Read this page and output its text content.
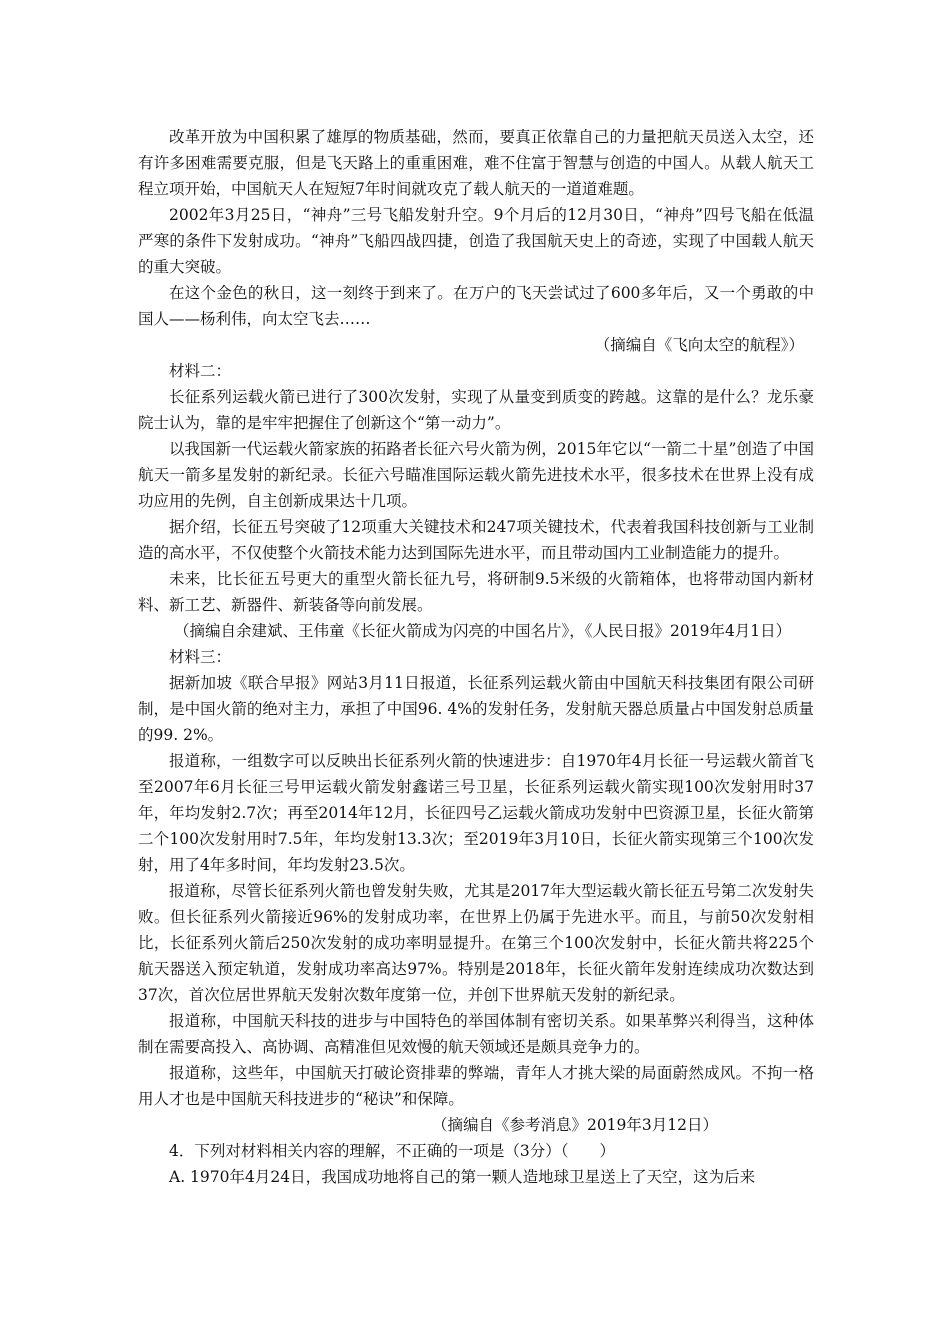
改革开放为中国积累了雄厚的物质基础，然而，要真正依靠自己的力量把航天员送入太空，还有许多困难需要克服，但是飞天路上的重重困难，难不住富于智慧与创造的中国人。从载人航天工程立项开始，中国航天人在短短7年时间就攻克了载人航天的一道道难题。

2002年3月25日，“神舟”三号飞船发射升空。9个月后的12月30日，“神舟”四号飞船在低温严寒的条件下发射成功。“神舟”飞船四战四捷，创造了我国航天史上的奇迹，实现了中国载人航天的重大突破。

在这个金色的秋日，这一刻终于到来了。在万户的飞天尝试过了600多年后，又一个勇敢的中国人——杨利伟，向太空飞去……

（摘编自《飞向太空的航程》）

材料二：

长征系列运载火箭已进行了300次发射，实现了从量变到质变的跨越。这靠的是什么？龙乐豪院士认为，靠的是牢牢把握住了创新这个“第一动力”。

以我国新一代运载火箭家族的拓路者长征六号火箭为例，2015年它以“一箭二十星”创造了中国航天一箭多星发射的新纪录。长征六号瞄准国际运载火箭先进技术水平，很多技术在世界上没有成功应用的先例，自主创新成果达十几项。

据介绍，长征五号突破了12项重大关键技术和247项关键技术，代表着我国科技创新与工业制造的高水平，不仅使整个火箭技术能力达到国际先进水平，而且带动国内工业制造能力的提升。

未来，比长征五号更大的重型火箭长征九号，将研制9.5米级的火箭箱体，也将带动国内新材料、新工艺、新器件、新装备等向前发展。

（摘编自余建斌、王伟童《长征火箭成为闪亮的中国名片》，《人民日报》2019年4月1日）

材料三：

据新加坡《联合早报》网站3月11日报道，长征系列运载火箭由中国航天科技集团有限公司研制，是中国火箭的绝对主力，承担了中国96. 4%的发射任务，发射航天器总质量占中国发射总质量的99. 2%。

报道称，一组数字可以反映出长征系列火箭的快速进步：自1970年4月长征一号运载火箭首飞至2007年6月长征三号甲运载火箭发射鑫诺三号卫星，长征系列运载火箭实现100次发射用时37年，年均发射2.7次；再至2014年12月，长征四号乙运载火箭成功发射中巴资源卫星，长征火箭第二个100次发射用时7.5年，年均发射13.3次；至2019年3月10日，长征火箭实现第三个100次发射，用了4年多时间，年均发射23.5次。

报道称，尽管长征系列火箭也曾发射失败，尤其是2017年大型运载火箭长征五号第二次发射失败。但长征系列火箭接近96%的发射成功率，在世界上仍属于先进水平。而且，与前50次发射相比，长征系列火箭后250次发射的成功率明显提升。在第三个100次发射中，长征火箭共将225个航天器送入预定轨道，发射成功率高达97%。特别是2018年，长征火箭年发射连续成功次数达到37次，首次位居世界航天发射次数年度第一位，并创下世界航天发射的新纪录。

报道称，中国航天科技的进步与中国特色的举国体制有密切关系。如果革弊兴利得当，这种体制在需要高投入、高协调、高精准但见效慢的航天领域还是颇具竞争力的。

报道称，这些年，中国航天打破论资排辈的弊端，青年人才挑大梁的局面蔚然成风。不拘一格用人才也是中国航天科技进步的“秘诀”和保障。

（摘编自《参考消息》2019年3月12日）

4．下列对材料相关内容的理解，不正确的一项是（3分）（　　）

A. 1970年4月24日，我国成功地将自己的第一颗人造地球卫星送上了天空，这为后来
